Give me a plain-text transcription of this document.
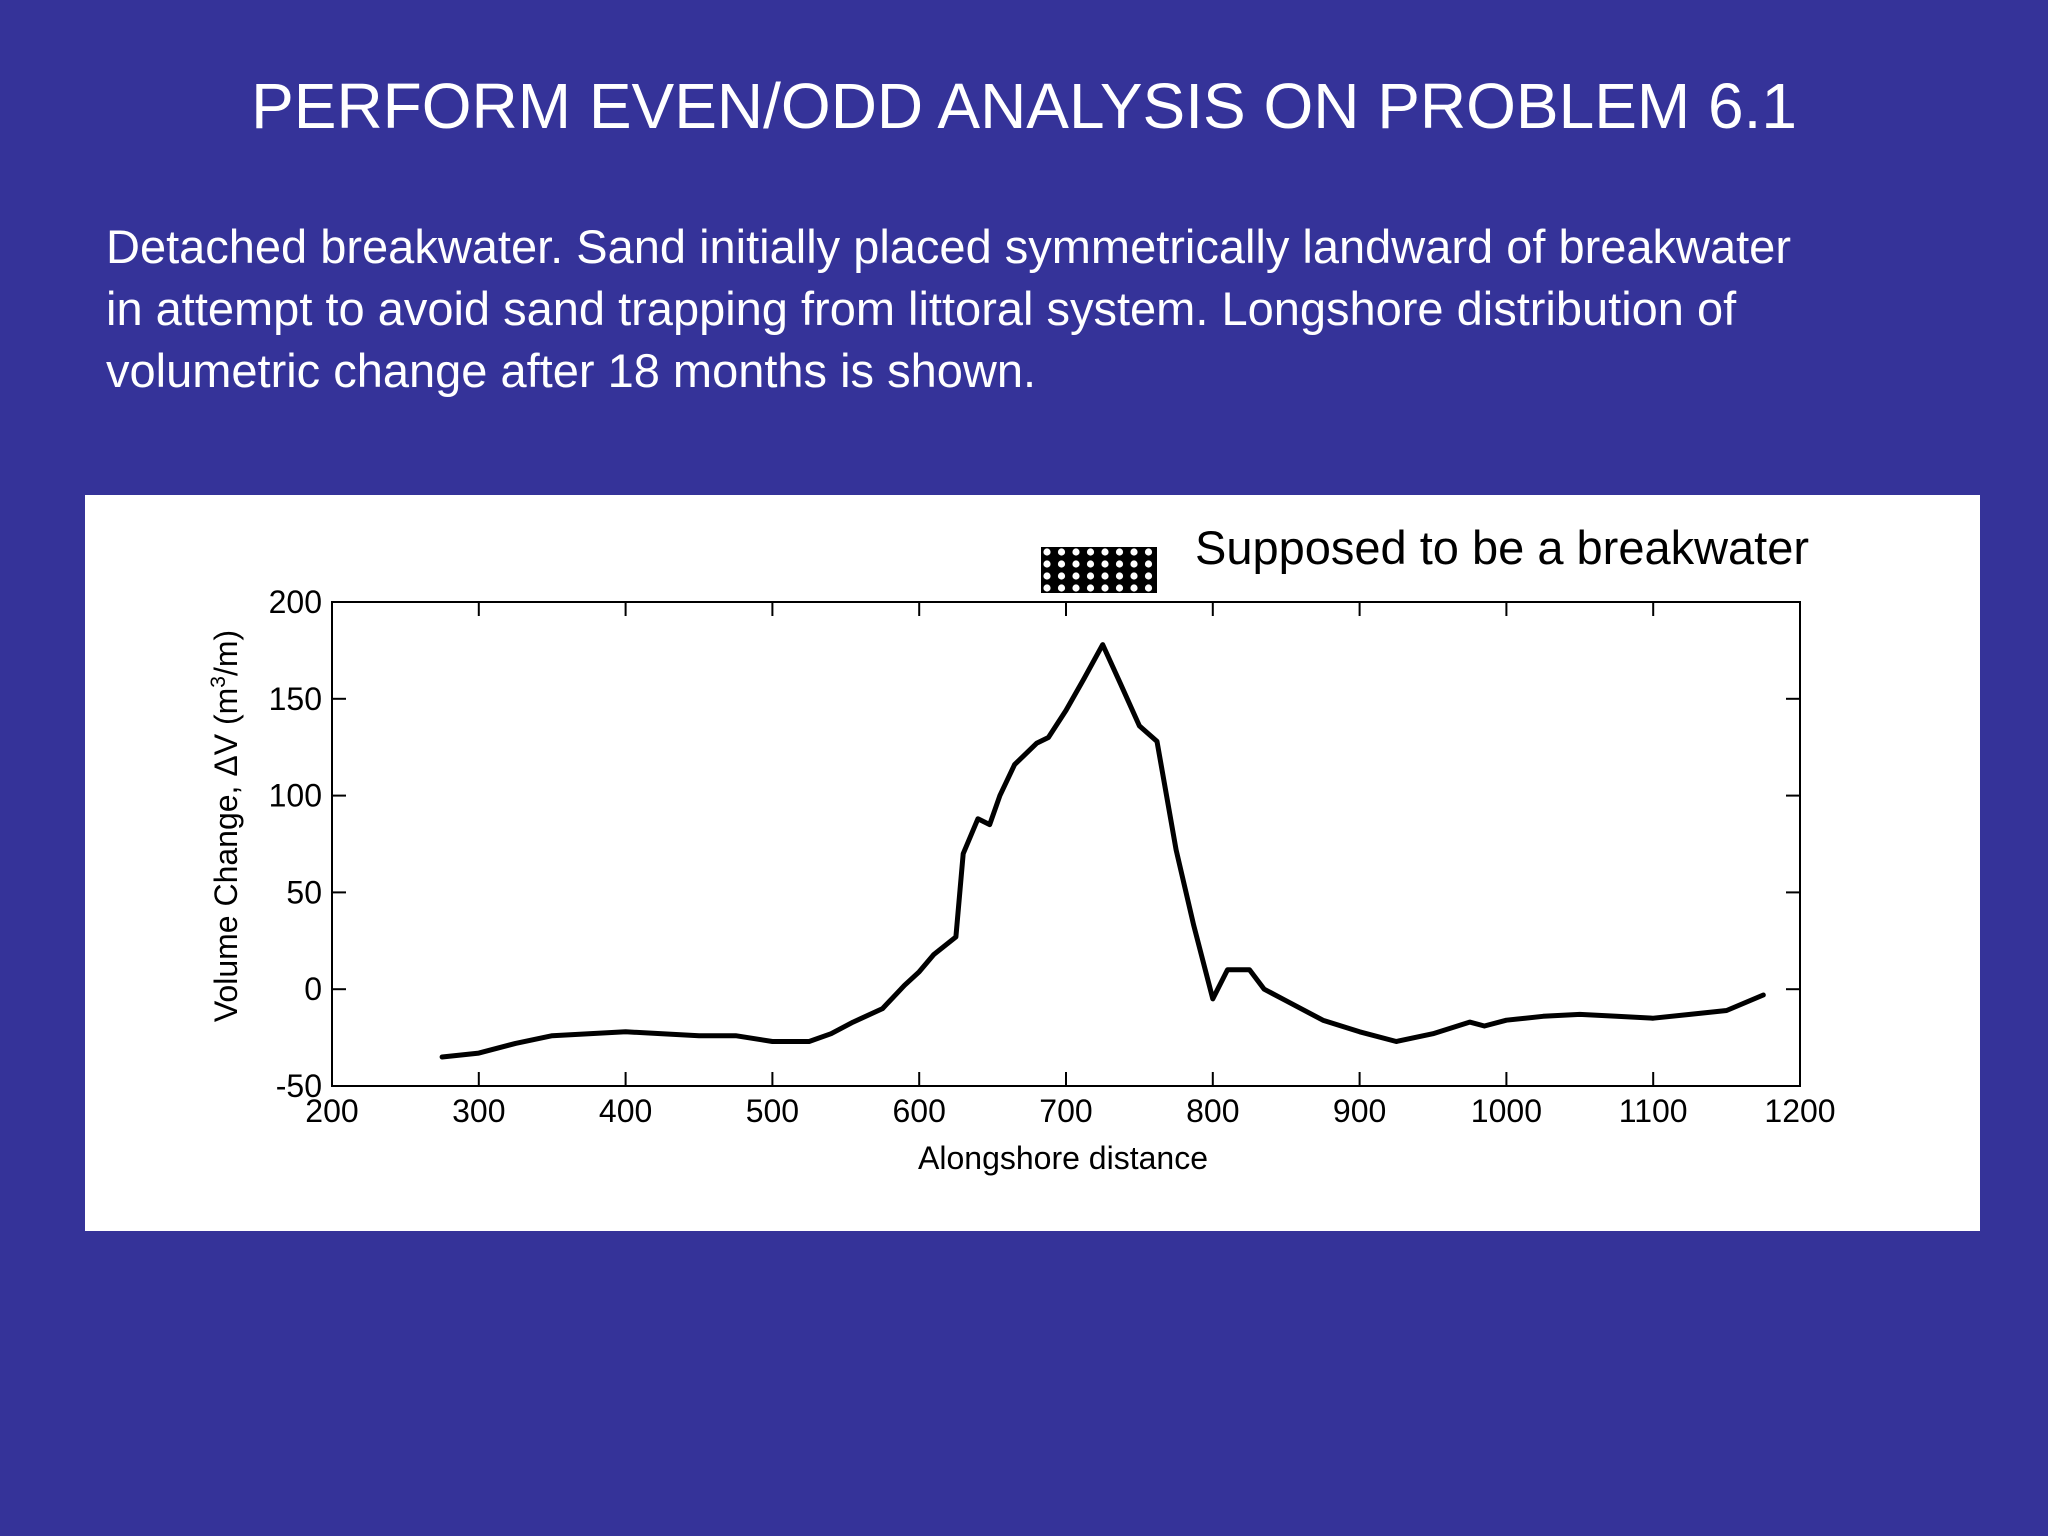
PERFORM EVEN/ODD ANALYSIS ON PROBLEM 6.1
Detached breakwater. Sand initially placed symmetrically landward of breakwater
in attempt to avoid sand trapping from littoral system. Longshore distribution of
volumetric change after 18 months is shown.
Supposed to be a breakwater
200	300	400	500	600	700	800	900	1000 1100 1200
-50
0
50
100
150
200
Alongshore distance
Volume Change, ΔV $(m^3/m)$
